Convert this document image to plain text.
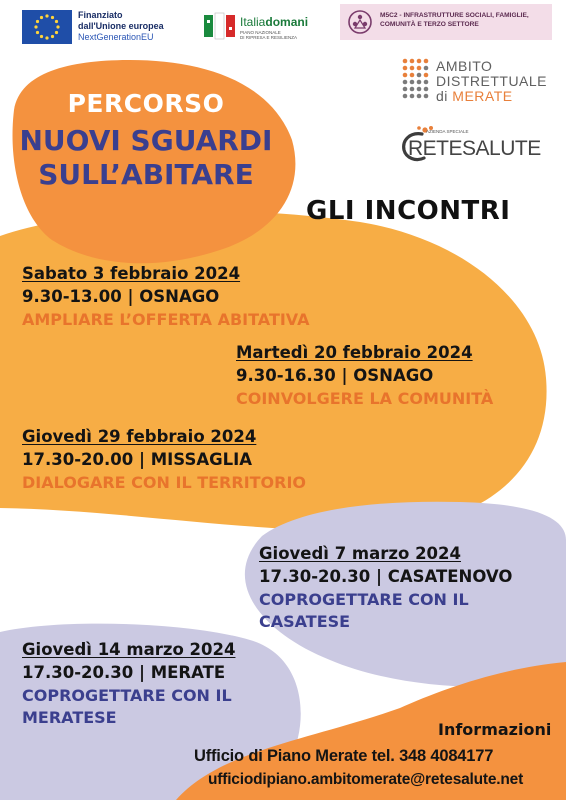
Finanziato
dall'Unione europea
NextGenerationEU
Italiadomani
PIANO NAZIONALE
DI RIPRESA E RESILIENZA
M5C2 - INFRASTRUTTURE SOCIALI, FAMIGLIE, COMUNITÀ E TERZO SETTORE
AMBITO
DISTRETTUALE
di MERATE
AZIENDA SPECIALE
RETESALUTE
PERCORSO
NUOVI SGUARDI
SULL’ABITARE
GLI INCONTRI
Sabato 3 febbraio 2024
9.30-13.00 | OSNAGO
AMPLIARE L’OFFERTA ABITATIVA
Martedì 20 febbraio 2024
9.30-16.30 | OSNAGO
COINVOLGERE LA COMUNITÀ
Giovedì 29 febbraio 2024
17.30-20.00 | MISSAGLIA
DIALOGARE CON IL TERRITORIO
Giovedì 7 marzo 2024
17.30-20.30 | CASATENOVO
COPROGETTARE CON IL CASATESE
Giovedì 14 marzo 2024
17.30-20.30 | MERATE
COPROGETTARE CON IL MERATESE
Informazioni
Ufficio di Piano Merate tel. 348 4084177
ufficiodipiano.ambitomerate@retesalute.net
